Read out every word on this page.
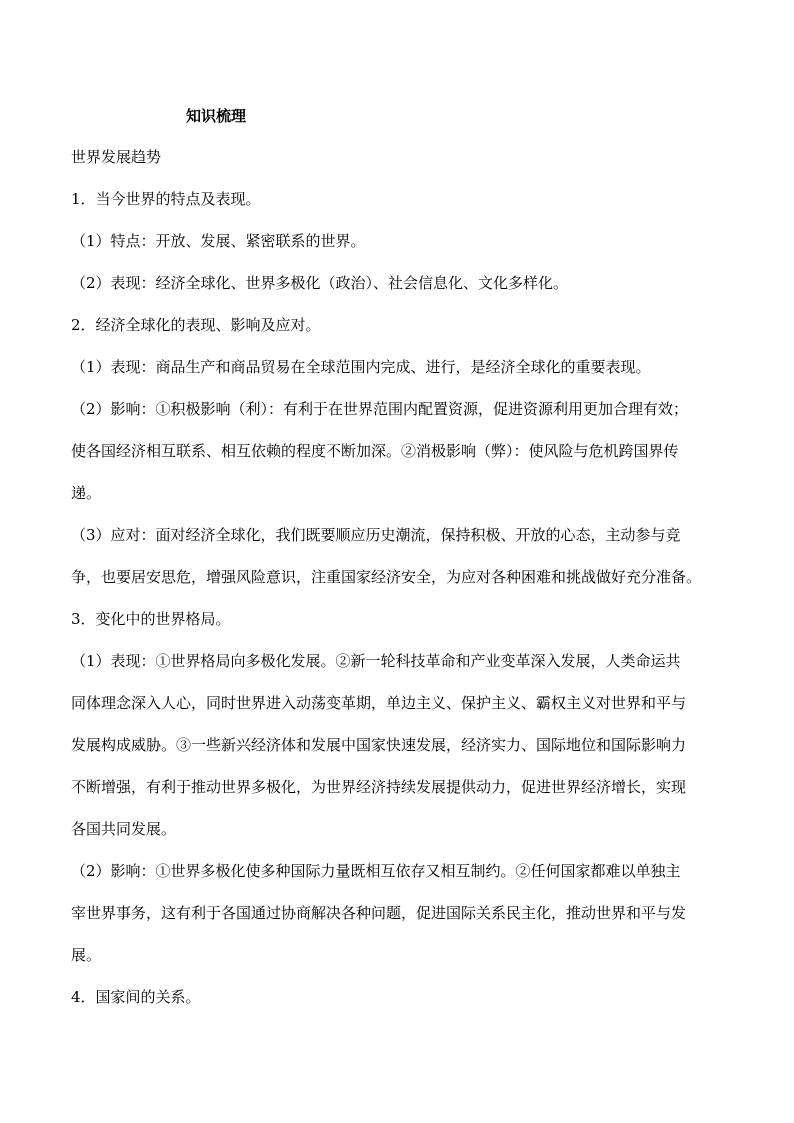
知识梳理

世界发展趋势

1．当今世界的特点及表现。

（1）特点：开放、发展、紧密联系的世界。

（2）表现：经济全球化、世界多极化（政治）、社会信息化、文化多样化。

2．经济全球化的表现、影响及应对。

（1）表现：商品生产和商品贸易在全球范围内完成、进行，是经济全球化的重要表现。

（2）影响：①积极影响（利）：有利于在世界范围内配置资源，促进资源利用更加合理有效；

使各国经济相互联系、相互依赖的程度不断加深。②消极影响（弊）：使风险与危机跨国界传

递。

（3）应对：面对经济全球化，我们既要顺应历史潮流，保持积极、开放的心态，主动参与竞

争，也要居安思危，增强风险意识，注重国家经济安全，为应对各种困难和挑战做好充分准备。

3．变化中的世界格局。

（1）表现：①世界格局向多极化发展。②新一轮科技革命和产业变革深入发展，人类命运共

同体理念深入人心，同时世界进入动荡变革期，单边主义、保护主义、霸权主义对世界和平与

发展构成威胁。③一些新兴经济体和发展中国家快速发展，经济实力、国际地位和国际影响力

不断增强，有利于推动世界多极化，为世界经济持续发展提供动力，促进世界经济增长，实现

各国共同发展。

（2）影响：①世界多极化使多种国际力量既相互依存又相互制约。②任何国家都难以单独主

宰世界事务，这有利于各国通过协商解决各种问题，促进国际关系民主化，推动世界和平与发

展。

4．国家间的关系。
